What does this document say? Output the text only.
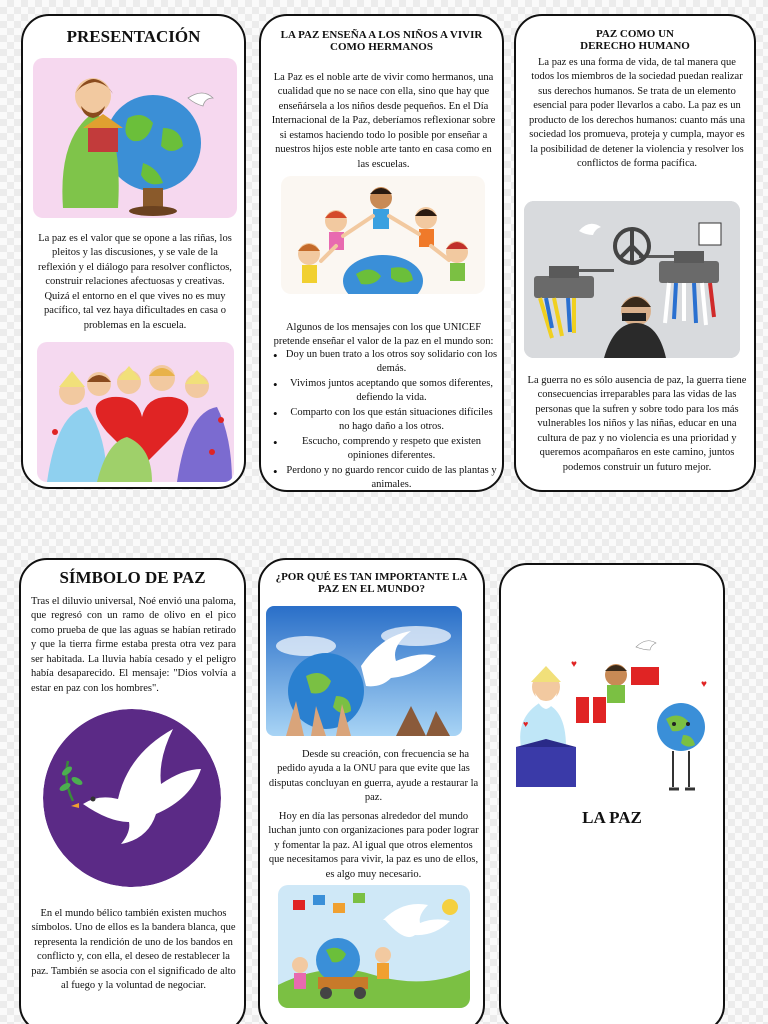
PRESENTACIÓN
La paz es el valor que se opone a las riñas, los pleitos y las discusiones, y se vale de la reflexión y el diálogo para resolver conflictos, construir relaciones afectuosas y creativas. Quizá el entorno en el que vives no es muy pacífico, tal vez haya dificultades en casa o problemas en la escuela.
LA PAZ ENSEÑA A LOS NIÑOS A VIVIR COMO HERMANOS
La Paz es el noble arte de vivir como hermanos, una cualidad que no se nace con ella, sino que hay que enseñársela a los niños desde pequeños. En el Día Internacional de la Paz, deberíamos reflexionar sobre si estamos haciendo todo lo posible por enseñar a nuestros hijos este noble arte tanto en casa como en las escuelas.
Algunos de los mensajes con los que UNICEF pretende enseñar el valor de la paz en el mundo son:
• Doy un buen trato a los otros soy solidario con los demás.
• Vivimos juntos aceptando que somos diferentes, defiendo la vida.
• Comparto con los que están situaciones difíciles no hago daño a los otros.
• Escucho, comprendo y respeto que existen opiniones diferentes.
• Perdono y no guardo rencor cuido de las plantas y animales.
PAZ COMO UN DERECHO HUMANO
La paz es una forma de vida, de tal manera que todos los miembros de la sociedad puedan realizar sus derechos humanos. Se trata de un elemento esencial para poder llevarlos a cabo. La paz es un producto de los derechos humanos: cuanto más una sociedad los promueva, proteja y cumpla, mayor es la posibilidad de detener la violencia y resolver los conflictos de forma pacífica.
La guerra no es sólo ausencia de paz, la guerra tiene consecuencias irreparables para las vidas de las personas que la sufren y sobre todo para los más vulnerables los niños y las niñas, educar en una cultura de paz y no violencia es una prioridad y queremos acompañaros en este camino, juntos podemos construir un futuro mejor.
SÍMBOLO DE PAZ
Tras el diluvio universal, Noé envió una paloma, que regresó con un ramo de olivo en el pico como prueba de que las aguas se habían retirado y que la tierra firme estaba presta otra vez para ser habitada. La lluvia había cesado y el peligro había desaparecido. El mensaje: "Dios volvía a estar en paz con los hombres".
En el mundo bélico también existen muchos símbolos. Uno de ellos es la bandera blanca, que representa la rendición de uno de los bandos en conflicto y, con ella, el deseo de restablecer la paz. También se asocia con el significado de alto al fuego y la voluntad de negociar.
¿POR QUÉ ES TAN IMPORTANTE LA PAZ EN EL MUNDO?
Desde su creación, con frecuencia se ha pedido ayuda a la ONU para que evite que las disputas concluyan en guerra, ayude a restaurar la paz.
Hoy en día las personas alrededor del mundo luchan junto con organizaciones para poder lograr y fomentar la paz. Al igual que otros elementos que necesitamos para vivir, la paz es uno de ellos, es algo muy necesario.
♥
♥
♥
LA PAZ
